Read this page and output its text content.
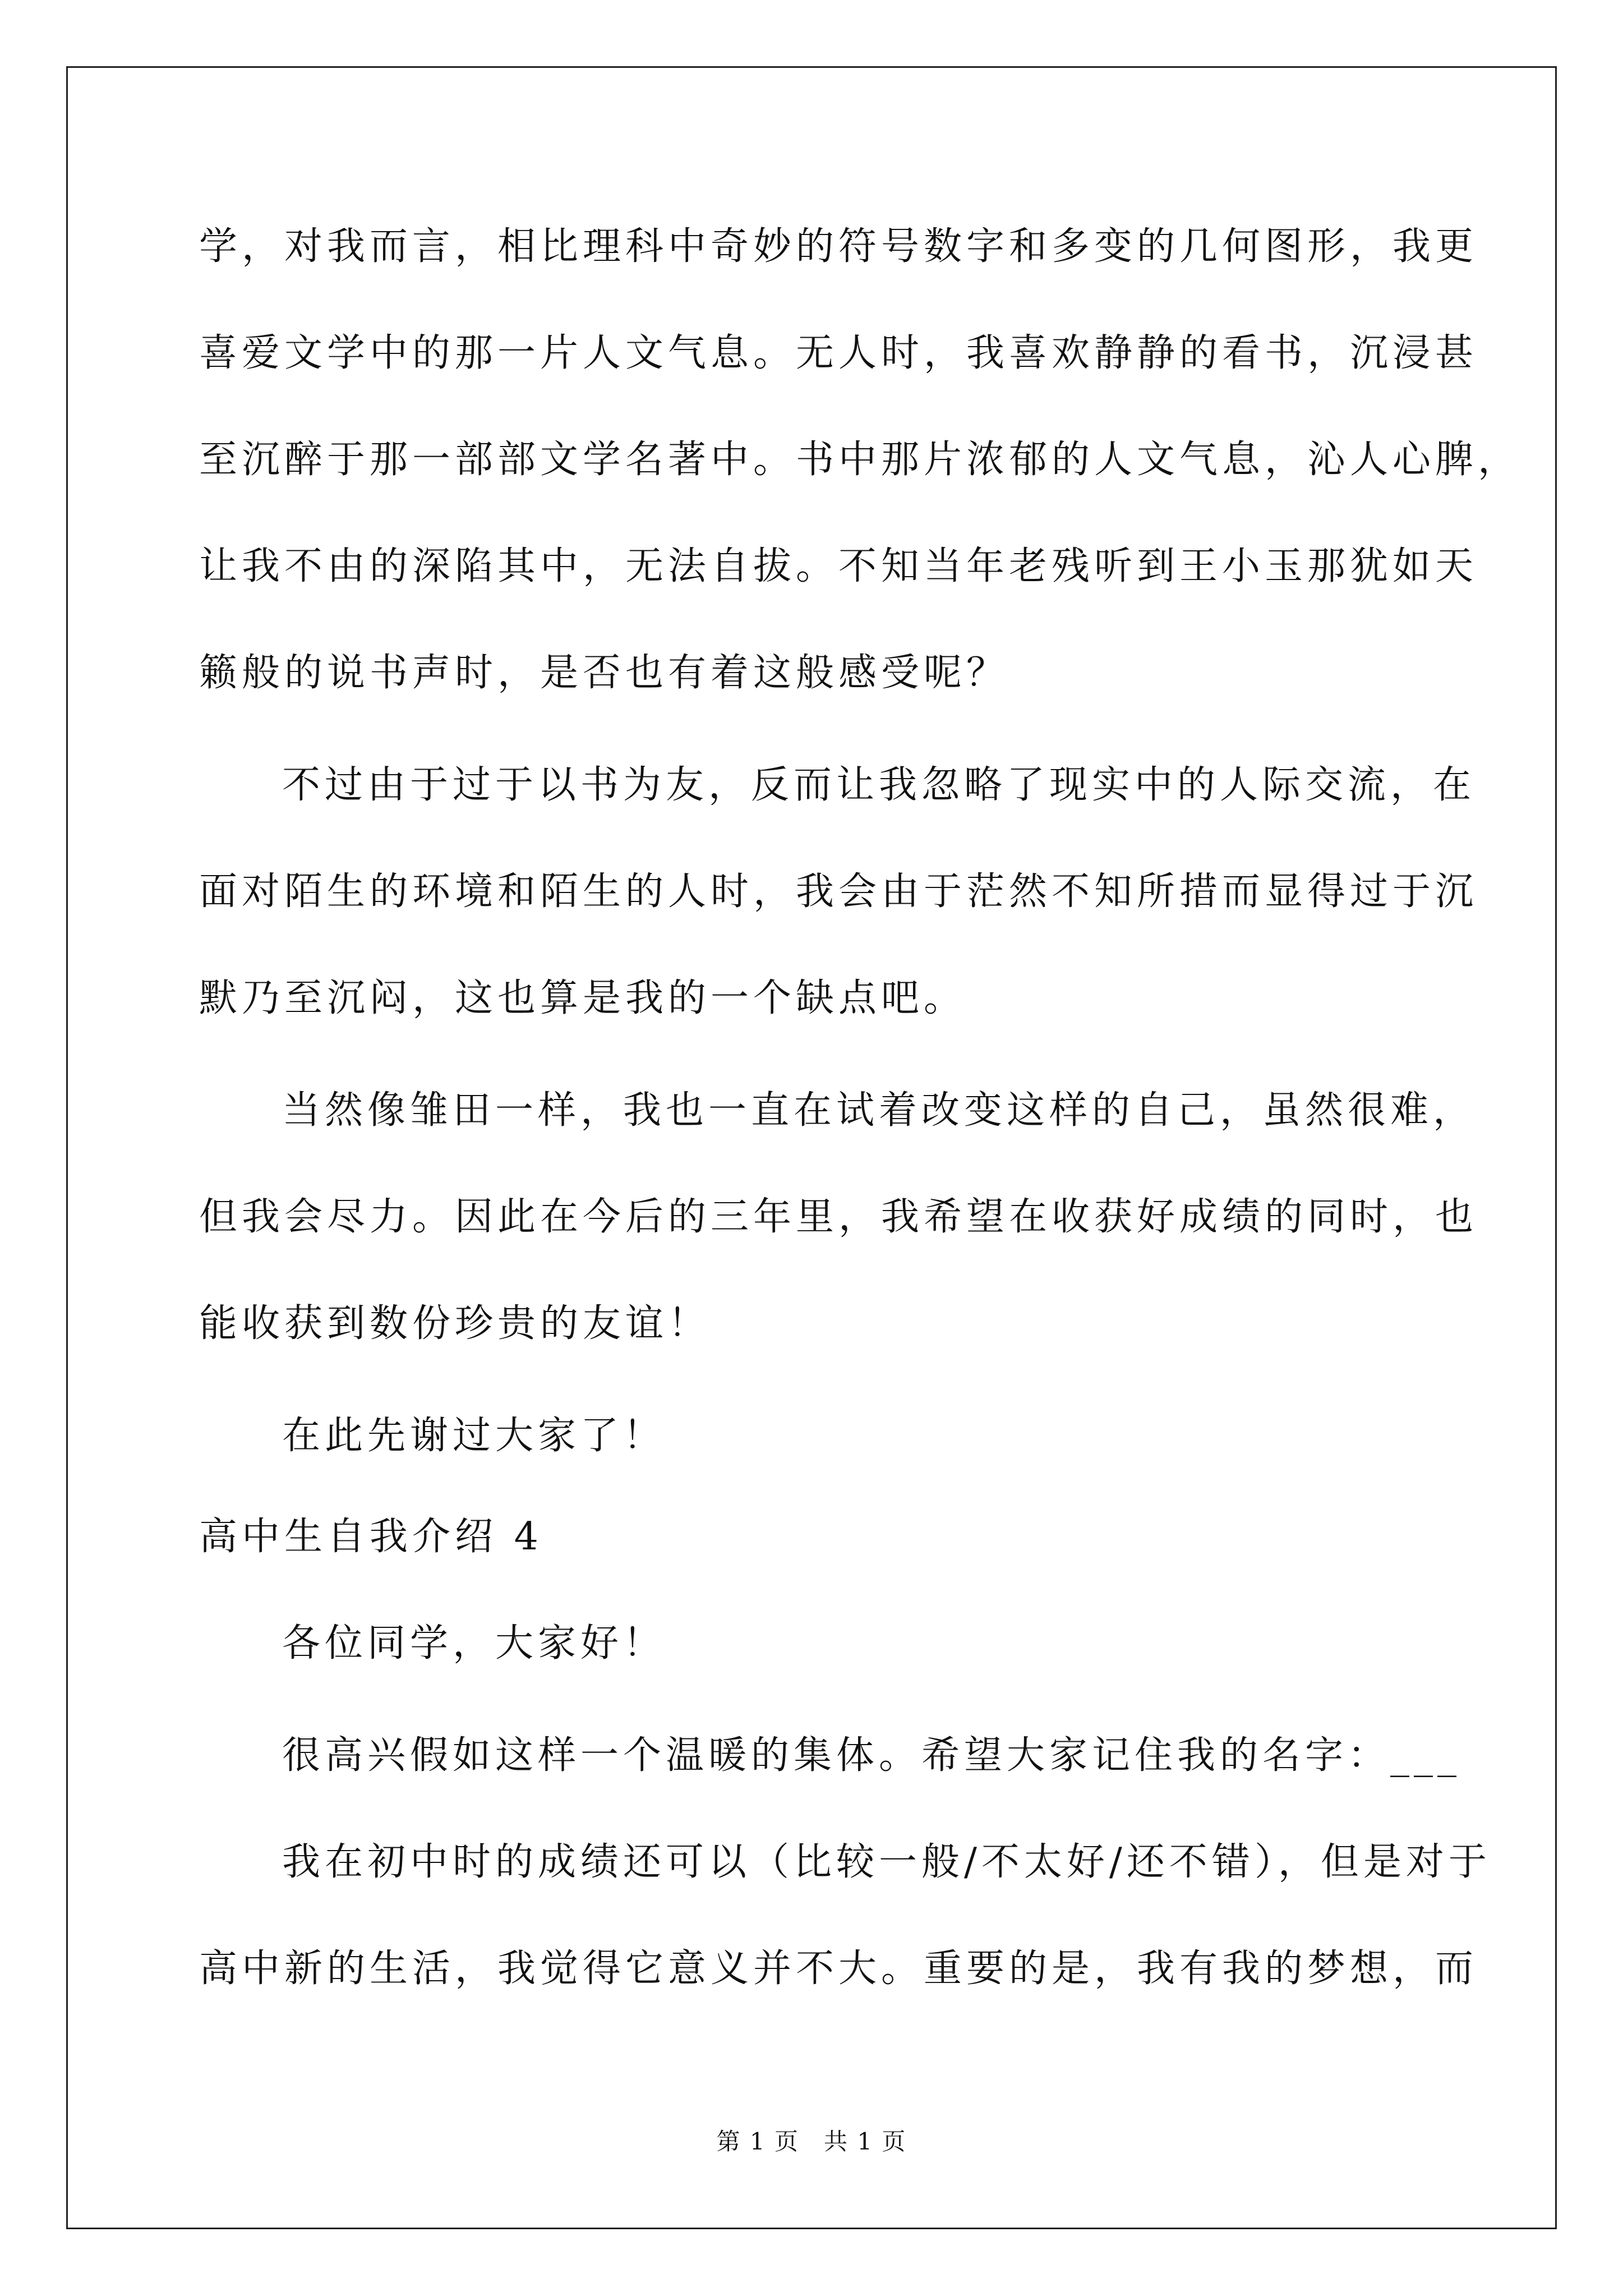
学，对我而言，相比理科中奇妙的符号数字和多变的几何图形，我更
喜爱文学中的那一片人文气息。无人时，我喜欢静静的看书，沉浸甚
至沉醉于那一部部文学名著中。书中那片浓郁的人文气息，沁人心脾，
让我不由的深陷其中，无法自拔。不知当年老残听到王小玉那犹如天
籁般的说书声时，是否也有着这般感受呢？
不过由于过于以书为友，反而让我忽略了现实中的人际交流，在
面对陌生的环境和陌生的人时，我会由于茫然不知所措而显得过于沉
默乃至沉闷，这也算是我的一个缺点吧。
当然像雏田一样，我也一直在试着改变这样的自己，虽然很难，
但我会尽力。因此在今后的三年里，我希望在收获好成绩的同时，也
能收获到数份珍贵的友谊！
在此先谢过大家了！
高中生自我介绍 4
各位同学，大家好！
很高兴假如这样一个温暖的集体。希望大家记住我的名字：___
我在初中时的成绩还可以（比较一般/不太好/还不错），但是对于
高中新的生活，我觉得它意义并不大。重要的是，我有我的梦想，而
第 1 页　共 1 页
